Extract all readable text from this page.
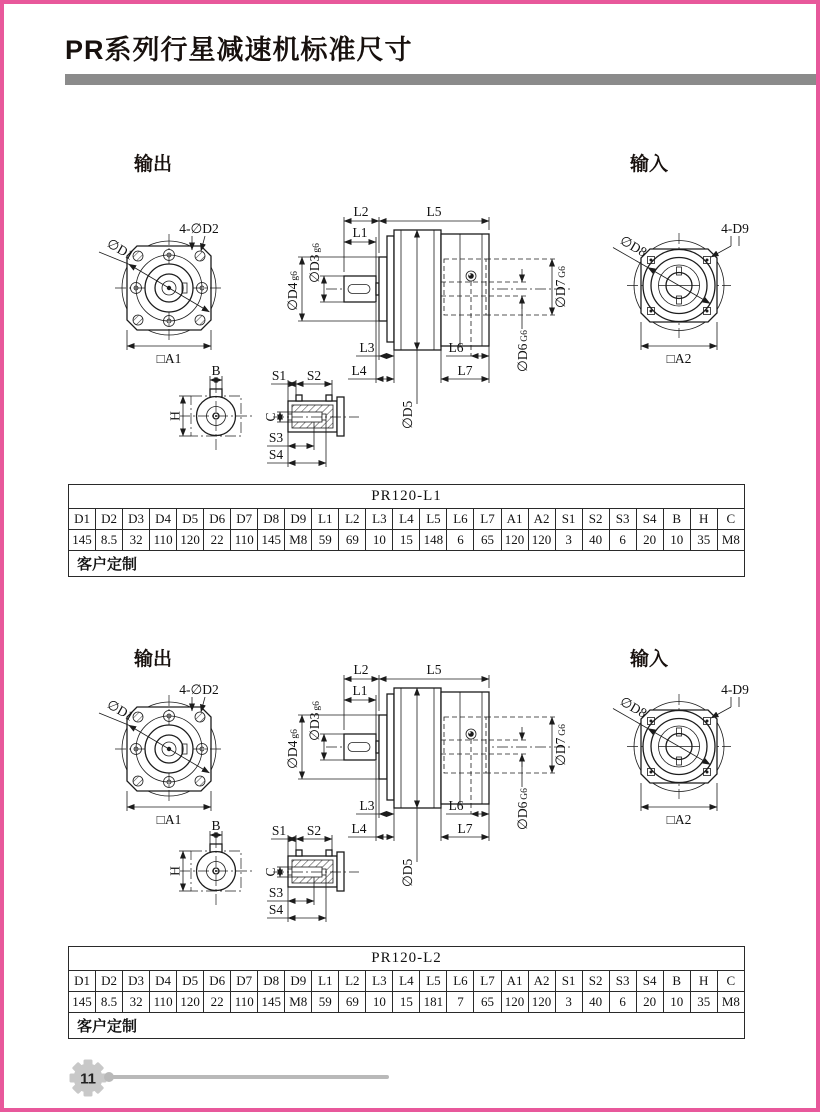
PR系列行星减速机标准尺寸
输出	输入
PR120-L1																								
D1	D2	D3	D4	D5	D6	D7	D8	D9	L1	L2	L3	L4	L5	L6	L7	A1	A2	S1	S2	S3	S4	B	H	C
145	8.5	32	110	120	22	110	145	M8	59	69	10	15	148	6	65	120	120	3	40	6	20	10	35	M8
客户定制																								
输出	输入
PR120-L2																								
D1	D2	D3	D4	D5	D6	D7	D8	D9	L1	L2	L3	L4	L5	L6	L7	A1	A2	S1	S2	S3	S4	B	H	C
145	8.5	32	110	120	22	110	145	M8	59	69	10	15	181	7	65	120	120	3	40	6	20	10	35	M8
客户定制																								
11
